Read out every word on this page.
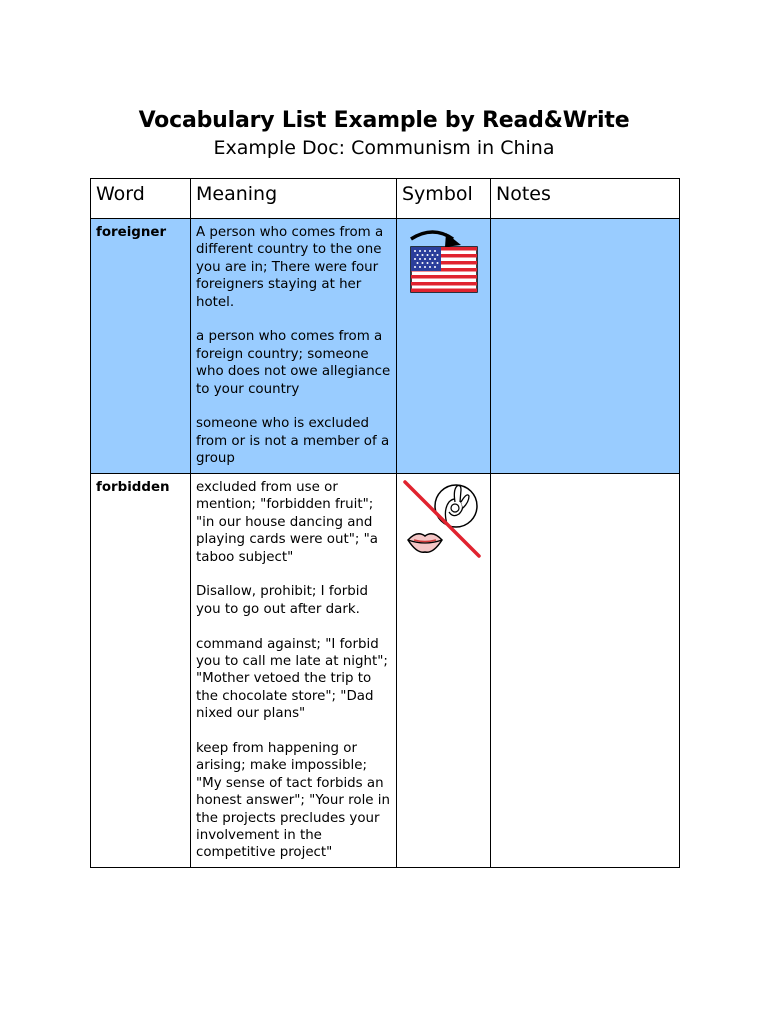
Vocabulary List Example by Read&Write
Example Doc: Communism in China
Word	Meaning	Symbol	Notes
foreigner	A person who comes from a different country to the one you are in; There were four foreigners staying at her hotel.

a person who comes from a foreign country; someone who does not owe allegiance to your country

someone who is excluded from or is not a member of a group

forbidden	excluded from use or mention; "forbidden fruit"; "in our house dancing and playing cards were out"; "a taboo subject"

Disallow, prohibit; I forbid you to go out after dark.

command against; "I forbid you to call me late at night"; "Mother vetoed the trip to the chocolate store"; "Dad nixed our plans"

keep from happening or arising; make impossible; "My sense of tact forbids an honest answer"; "Your role in the projects precludes your involvement in the competitive project"
